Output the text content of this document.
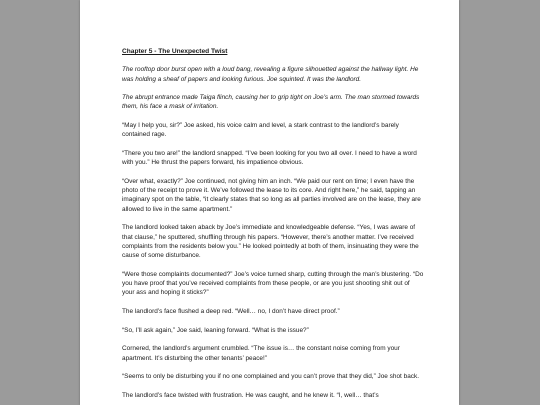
Chapter 5 - The Unexpected Twist

The rooftop door burst open with a loud bang, revealing a figure silhouetted against the hallway light. He was holding a sheaf of papers and looking furious. Joe squinted. It was the landlord.

The abrupt entrance made Taiga flinch, causing her to grip tight on Joe’s arm. The man stormed towards them, his face a mask of irritation.

“May I help you, sir?” Joe asked, his voice calm and level, a stark contrast to the landlord’s barely contained rage.

“There you two are!” the landlord snapped. “I’ve been looking for you two all over. I need to have a word with you.” He thrust the papers forward, his impatience obvious.

“Over what, exactly?” Joe continued, not giving him an inch. “We paid our rent on time; I even have the photo of the receipt to prove it. We’ve followed the lease to its core. And right here,” he said, tapping an imaginary spot on the table, “it clearly states that so long as all parties involved are on the lease, they are allowed to live in the same apartment.”

The landlord looked taken aback by Joe’s immediate and knowledgeable defense. “Yes, I was aware of that clause,” he sputtered, shuffling through his papers. “However, there’s another matter. I’ve received complaints from the residents below you.” He looked pointedly at both of them, insinuating they were the cause of some disturbance.

“Were those complaints documented?” Joe’s voice turned sharp, cutting through the man’s blustering. “Do you have proof that you’ve received complaints from these people, or are you just shooting shit out of your ass and hoping it sticks?”

The landlord’s face flushed a deep red. “Well… no, I don’t have direct proof.”

“So, I’ll ask again,” Joe said, leaning forward. “What is the issue?”

Cornered, the landlord’s argument crumbled. “The issue is… the constant noise coming from your apartment. It’s disturbing the other tenants’ peace!”

“Seems to only be disturbing you if no one complained and you can’t prove that they did,” Joe shot back.

The landlord’s face twisted with frustration. He was caught, and he knew it. “I, well… that’s
